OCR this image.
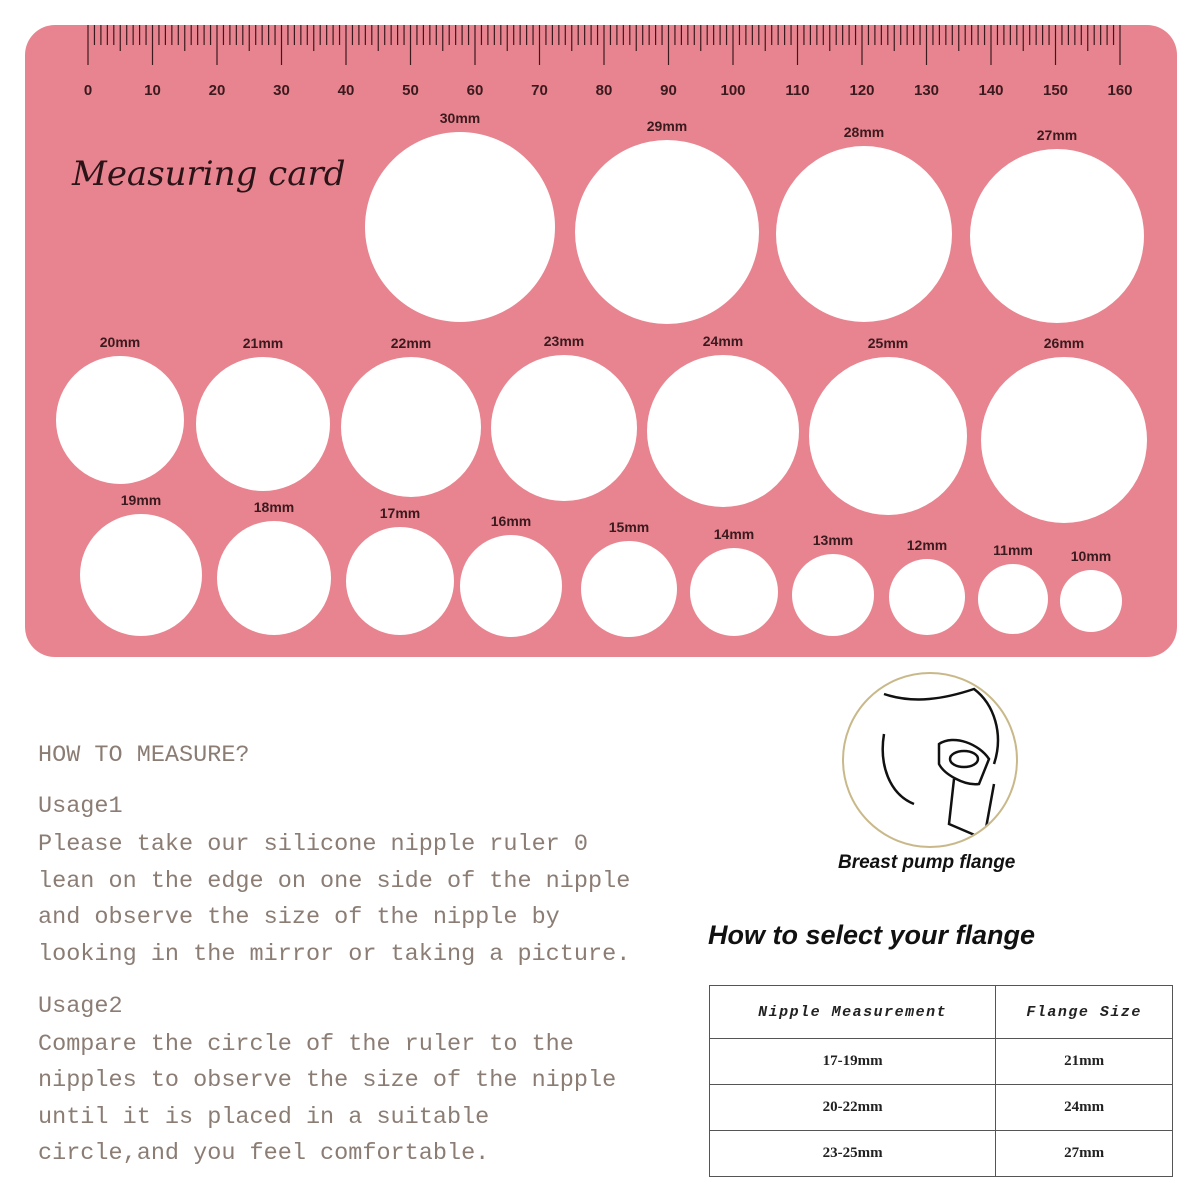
0	10	20	30	40	50	60	70	80	90	100	110	120	130	140	150	160
Measuring card
30mm	29mm	28mm	27mm
20mm	21mm	22mm	23mm	24mm	25mm	26mm
19mm	18mm	17mm	16mm	15mm	14mm	13mm	12mm	11mm	10mm
HOW TO MEASURE?
Usage1
Please take our silicone nipple ruler 0
lean on the edge on one side of the nipple
and observe the size of the nipple by
looking in the mirror or taking a picture.
Usage2
Compare the circle of the ruler to the
nipples to observe the size of the nipple
until it is placed in a suitable
circle,and you feel comfortable.
Breast pump flange
How to select your flange
Nipple Measurement	Flange Size
17-19mm	21mm
20-22mm	24mm
23-25mm	27mm
